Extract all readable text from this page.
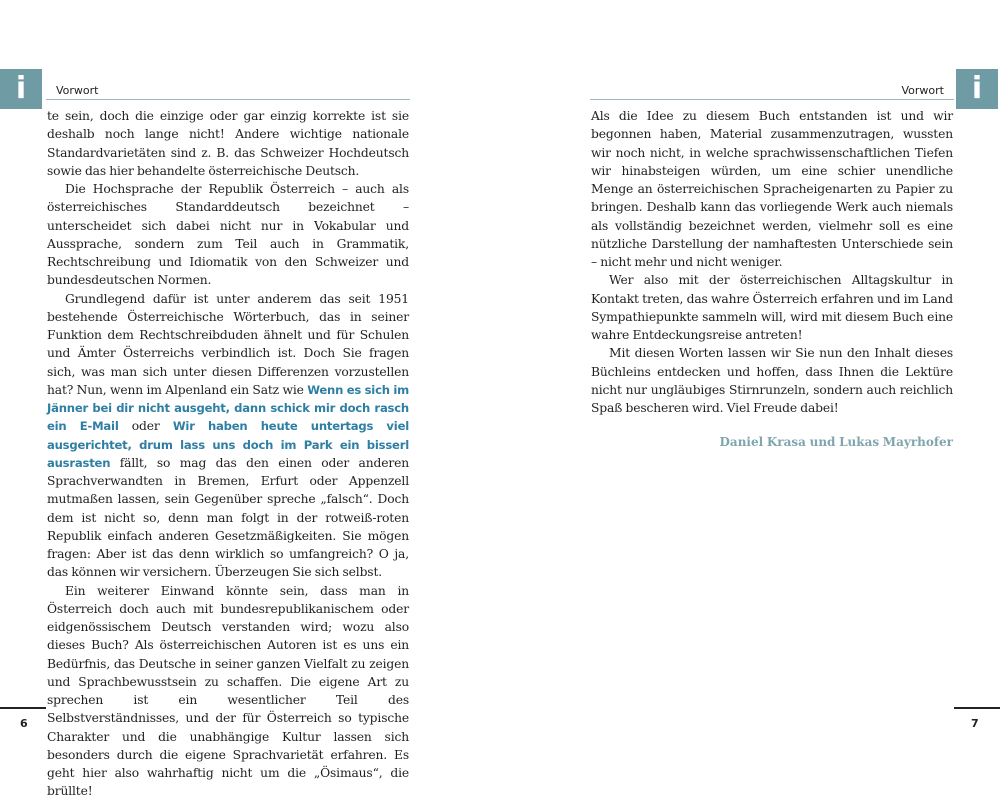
i	Vorwort

te sein, doch die einzige oder gar einzig korrekte ist sie deshalb noch lange nicht! Andere wichtige nationale Standardvarietäten sind z. B. das Schweizer Hochdeutsch sowie das hier behandelte österreichische Deutsch.

Die Hochsprache der Republik Österreich – auch als österreichisches Standarddeutsch bezeichnet – unterscheidet sich dabei nicht nur in Vokabular und Aussprache, sondern zum Teil auch in Grammatik, Rechtschreibung und Idiomatik von den Schweizer und bundesdeutschen Normen.

Grundlegend dafür ist unter anderem das seit 1951 bestehende Österreichische Wörterbuch, das in seiner Funktion dem Rechtschreibduden ähnelt und für Schulen und Ämter Österreichs verbindlich ist. Doch Sie fragen sich, was man sich unter diesen Differenzen vorzustellen hat? Nun, wenn im Alpenland ein Satz wie Wenn es sich im Jänner bei dir nicht ausgeht, dann schick mir doch rasch ein E-Mail oder Wir haben heute untertags viel ausgerichtet, drum lass uns doch im Park ein bisserl ausrasten fällt, so mag das den einen oder anderen Sprachverwandten in Bremen, Erfurt oder Appenzell mutmaßen lassen, sein Gegenüber spreche „falsch“. Doch dem ist nicht so, denn man folgt in der rotweiß-roten Republik einfach anderen Gesetzmäßigkeiten. Sie mögen fragen: Aber ist das denn wirklich so umfangreich? O ja, das können wir versichern. Überzeugen Sie sich selbst.

Ein weiterer Einwand könnte sein, dass man in Österreich doch auch mit bundesrepublikanischem oder eidgenössischem Deutsch verstanden wird; wozu also dieses Buch? Als österreichischen Autoren ist es uns ein Bedürfnis, das Deutsche in seiner ganzen Vielfalt zu zeigen und Sprachbewusstsein zu schaffen. Die eigene Art zu sprechen ist ein wesentlicher Teil des Selbstverständnisses, und der für Österreich so typische Charakter und die unabhängige Kultur lassen sich besonders durch die eigene Sprachvarietät erfahren. Es geht hier also wahrhaftig nicht um die „Ösimaus“, die brüllte!

6
i
Vorwort

Als die Idee zu diesem Buch entstanden ist und wir begonnen haben, Material zusammenzutragen, wussten wir noch nicht, in welche sprachwissenschaftlichen Tiefen wir hinabsteigen würden, um eine schier unendliche Menge an österreichischen Spracheigenarten zu Papier zu bringen. Deshalb kann das vorliegende Werk auch niemals als vollständig bezeichnet werden, vielmehr soll es eine nützliche Darstellung der namhaftesten Unterschiede sein – nicht mehr und nicht weniger.

Wer also mit der österreichischen Alltagskultur in Kontakt treten, das wahre Österreich erfahren und im Land Sympathiepunkte sammeln will, wird mit diesem Buch eine wahre Entdeckungsreise antreten!

Mit diesen Worten lassen wir Sie nun den Inhalt dieses Büchleins entdecken und hoffen, dass Ihnen die Lektüre nicht nur ungläubiges Stirnrunzeln, sondern auch reichlich Spaß bescheren wird. Viel Freude dabei!

Daniel Krasa und Lukas Mayrhofer
7
